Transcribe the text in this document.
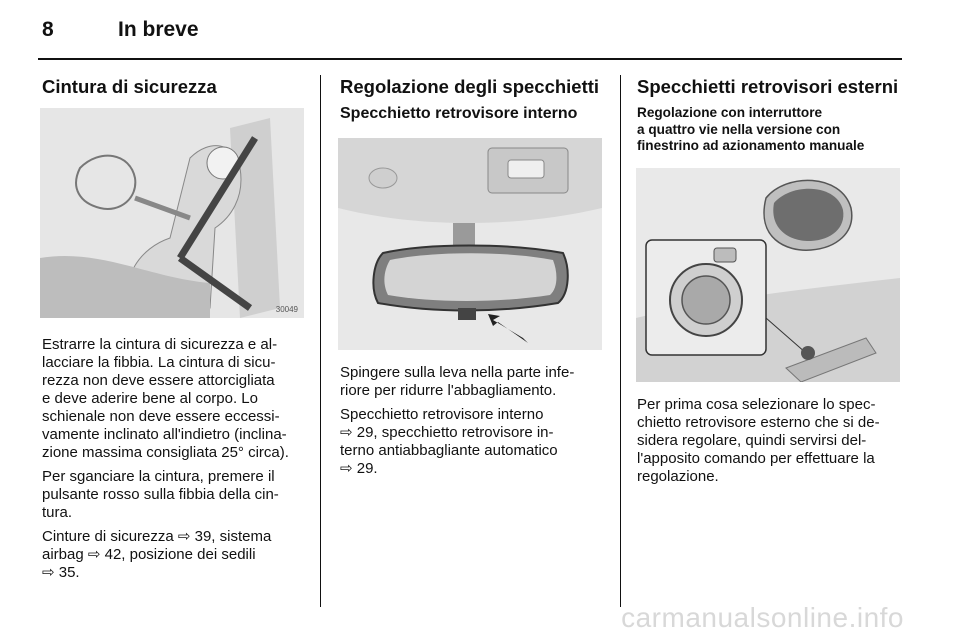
8	In breve
Cintura di sicurezza
30049

Estrarre la cintura di sicurezza e al-
lacciare la fibbia. La cintura di sicu-
rezza non deve essere attorcigliata
e deve aderire bene al corpo. Lo
schienale non deve essere eccessi-
vamente inclinato all'indietro (inclina-
zione massima consigliata 25° circa).

Per sganciare la cintura, premere il
pulsante rosso sulla fibbia della cin-
tura.

Cinture di sicurezza ⇨ 39, sistema
airbag ⇨ 42, posizione dei sedili
⇨ 35.

Regolazione degli specchietti
Specchietto retrovisore interno

Spingere sulla leva nella parte infe-
riore per ridurre l'abbagliamento.

Specchietto retrovisore interno
⇨ 29, specchietto retrovisore in-
terno antiabbagliante automatico
⇨ 29.

Specchietti retrovisori esterni
Regolazione con interruttore
a quattro vie nella versione con
finestrino ad azionamento manuale

Per prima cosa selezionare lo spec-
chietto retrovisore esterno che si de-
sidera regolare, quindi servirsi del-
l'apposito comando per effettuare la
regolazione.

carmanualsonline.info
